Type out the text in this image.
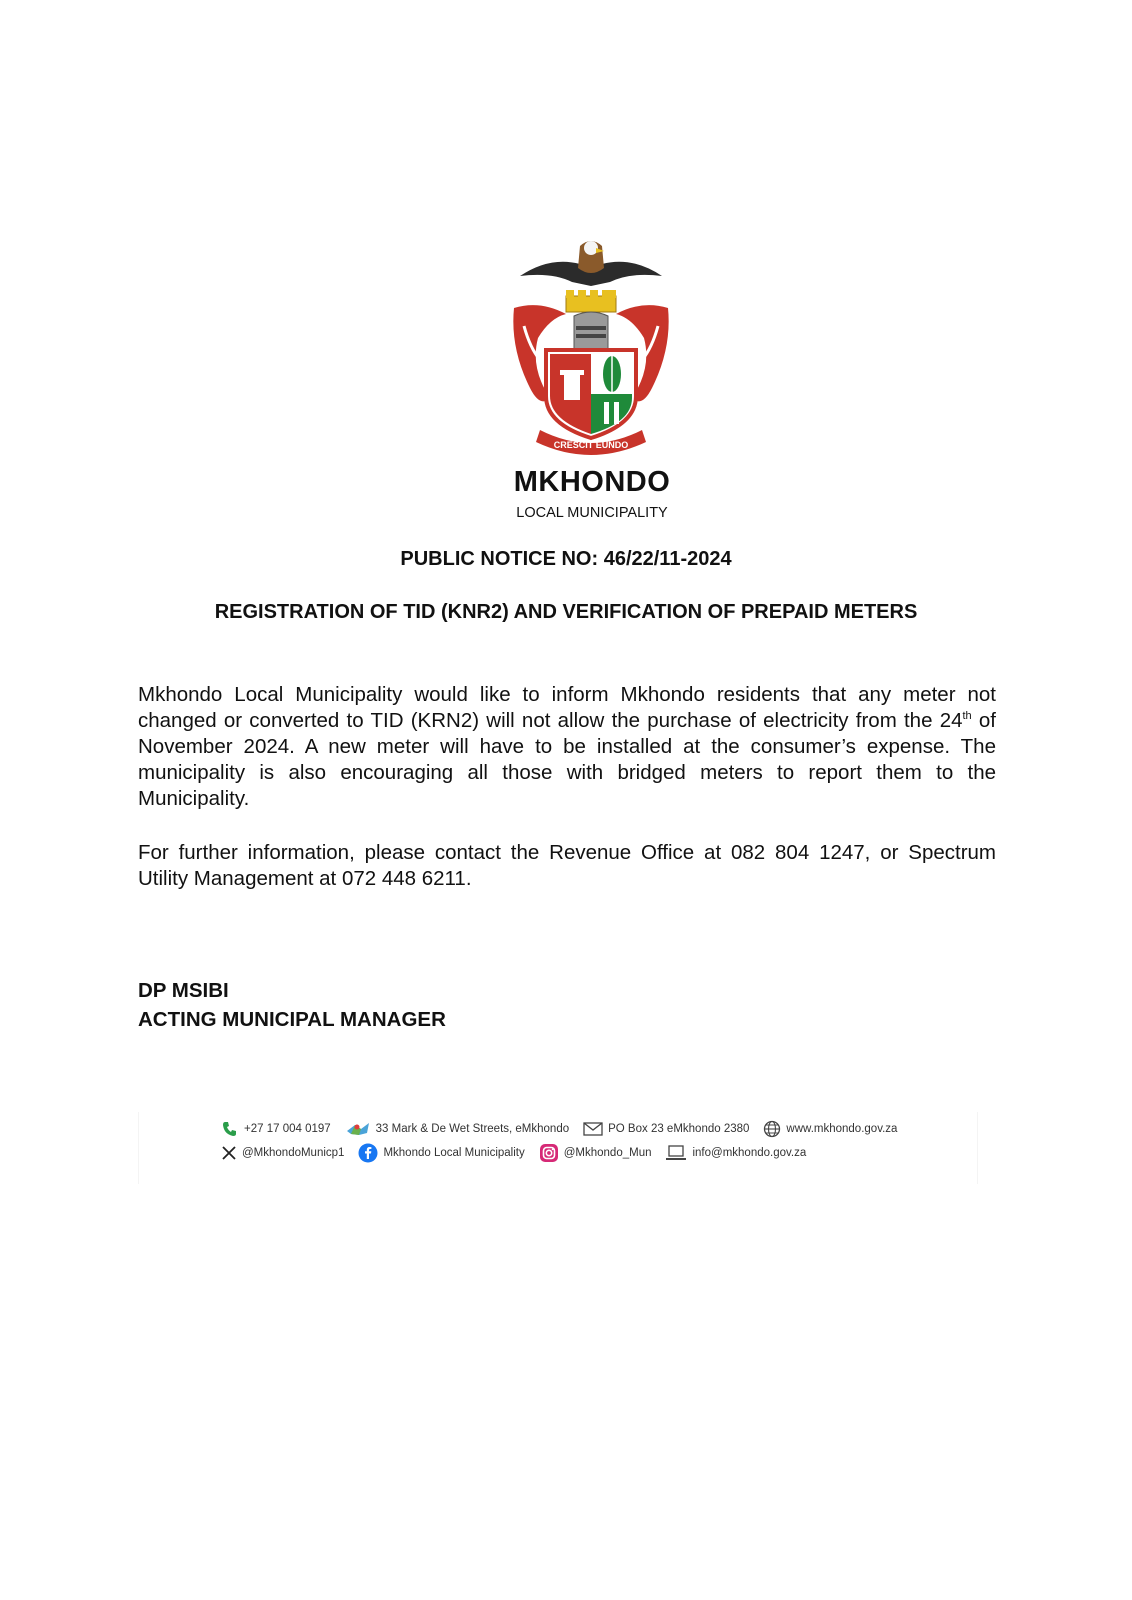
CRESCIT EUNDO
MKHONDO
LOCAL MUNICIPALITY
PUBLIC NOTICE NO: 46/22/11-2024
REGISTRATION OF TID (KNR2) AND VERIFICATION OF PREPAID METERS

Mkhondo Local Municipality would like to inform Mkhondo residents that any meter not changed or converted to TID (KRN2) will not allow the purchase of electricity from the 24th of November 2024. A new meter will have to be installed at the consumer’s expense. The municipality is also encouraging all those with bridged meters to report them to the Municipality.

For further information, please contact the Revenue Office at 082 804 1247, or Spectrum Utility Management at 072 448 6211.

DP MSIBI
ACTING MUNICIPAL MANAGER
+27 17 004 0197	33 Mark & De Wet Streets, eMkhondo	PO Box 23 eMkhondo 2380	www.mkhondo.gov.za
@MkhondoMunicp1	Mkhondo Local Municipality	@Mkhondo_Mun	info@mkhondo.gov.za
